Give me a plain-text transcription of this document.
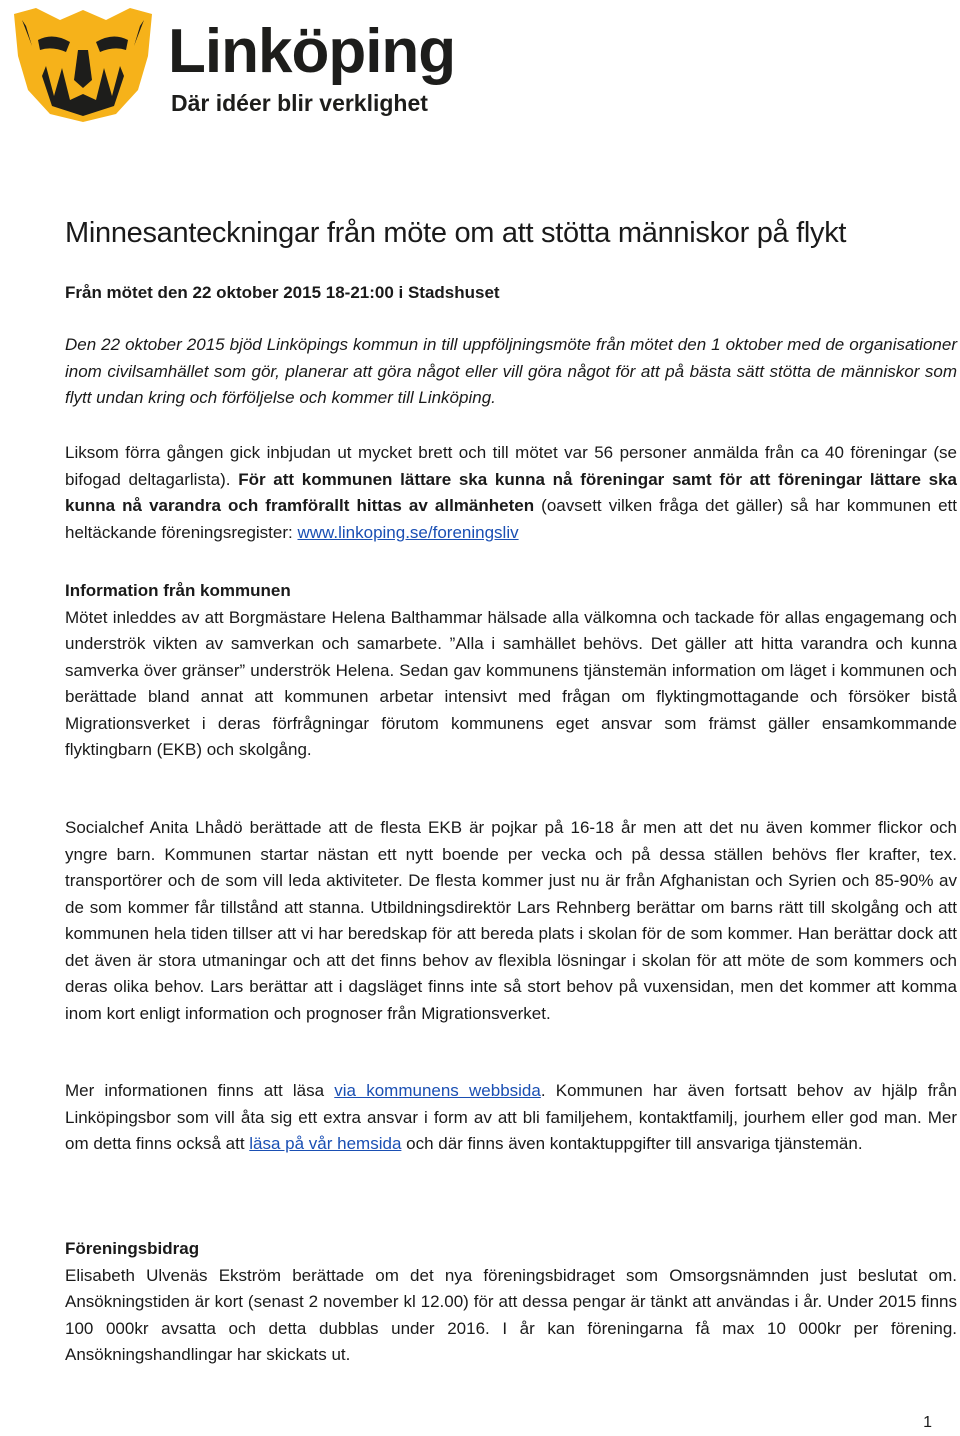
Linköping
Där idéer blir verklighet
Minnesanteckningar från möte om att stötta människor på flykt
Från mötet den 22 oktober 2015 18-21:00 i Stadshuset

Den 22 oktober 2015 bjöd Linköpings kommun in till uppföljningsmöte från mötet den 1 oktober med de organisationer inom civilsamhället som gör, planerar att göra något eller vill göra något för att på bästa sätt stötta de människor som flytt undan kring och förföljelse och kommer till Linköping.

Liksom förra gången gick inbjudan ut mycket brett och till mötet var 56 personer anmälda från ca 40 föreningar (se bifogad deltagarlista). För att kommunen lättare ska kunna nå föreningar samt för att föreningar lättare ska kunna nå varandra och framförallt hittas av allmänheten (oavsett vilken fråga det gäller) så har kommunen ett heltäckande föreningsregister: www.linkoping.se/foreningsliv

Information från kommunen

Mötet inleddes av att Borgmästare Helena Balthammar hälsade alla välkomna och tackade för allas engagemang och underströk vikten av samverkan och samarbete. ”Alla i samhället behövs. Det gäller att hitta varandra och kunna samverka över gränser” underströk Helena. Sedan gav kommunens tjänstemän information om läget i kommunen och berättade bland annat att kommunen arbetar intensivt med frågan om flyktingmottagande och försöker bistå Migrationsverket i deras förfrågningar förutom kommunens eget ansvar som främst gäller ensamkommande flyktingbarn (EKB) och skolgång.

Socialchef Anita Lhådö berättade att de flesta EKB är pojkar på 16-18 år men att det nu även kommer flickor och yngre barn. Kommunen startar nästan ett nytt boende per vecka och på dessa ställen behövs fler krafter, tex. transportörer och de som vill leda aktiviteter. De flesta kommer just nu är från Afghanistan och Syrien och 85-90% av de som kommer får tillstånd att stanna. Utbildningsdirektör Lars Rehnberg berättar om barns rätt till skolgång och att kommunen hela tiden tillser att vi har beredskap för att bereda plats i skolan för de som kommer. Han berättar dock att det även är stora utmaningar och att det finns behov av flexibla lösningar i skolan för att möte de som kommers och deras olika behov. Lars berättar att i dagsläget finns inte så stort behov på vuxensidan, men det kommer att komma inom kort enligt information och prognoser från Migrationsverket.

Mer informationen finns att läsa via kommunens webbsida. Kommunen har även fortsatt behov av hjälp från Linköpingsbor som vill åta sig ett extra ansvar i form av att bli familjehem, kontaktfamilj, jourhem eller god man. Mer om detta finns också att läsa på vår hemsida och där finns även kontaktuppgifter till ansvariga tjänstemän.

Föreningsbidrag

Elisabeth Ulvenäs Ekström berättade om det nya föreningsbidraget som Omsorgsnämnden just beslutat om. Ansökningstiden är kort (senast 2 november kl 12.00) för att dessa pengar är tänkt att användas i år. Under 2015 finns 100 000kr avsatta och detta dubblas under 2016. I år kan föreningarna få max 10 000kr per förening. Ansökningshandlingar har skickats ut.

1
